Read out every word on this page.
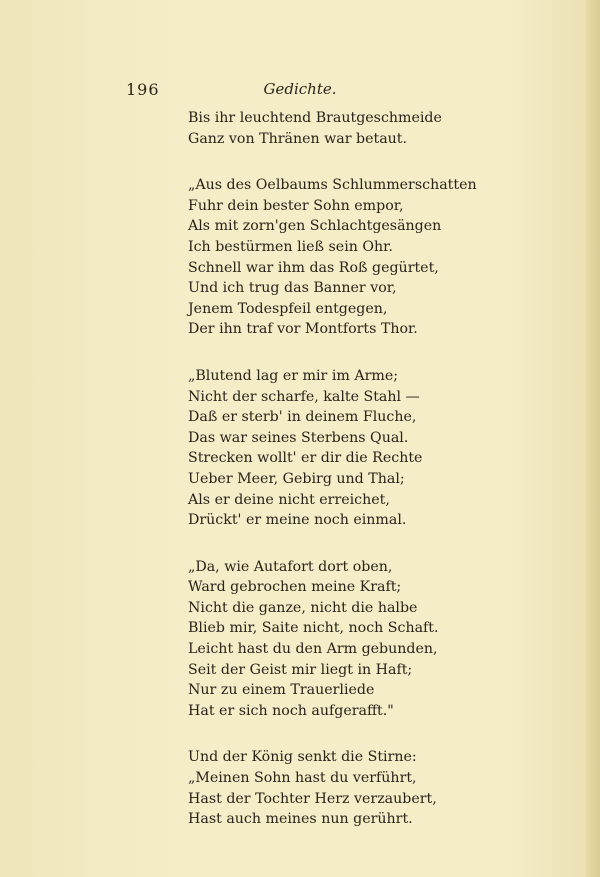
196	Gedichte.
Bis ihr leuchtend Brautgeschmeide
Ganz von Thränen war betaut.
„Aus des Oelbaums Schlummerschatten
Fuhr dein bester Sohn empor,
Als mit zorn'gen Schlachtgesängen
Ich bestürmen ließ sein Ohr.
Schnell war ihm das Roß gegürtet,
Und ich trug das Banner vor,
Jenem Todespfeil entgegen,
Der ihn traf vor Montforts Thor.
„Blutend lag er mir im Arme;
Nicht der scharfe, kalte Stahl —
Daß er sterb' in deinem Fluche,
Das war seines Sterbens Qual.
Strecken wollt' er dir die Rechte
Ueber Meer, Gebirg und Thal;
Als er deine nicht erreichet,
Drückt' er meine noch einmal.
„Da, wie Autafort dort oben,
Ward gebrochen meine Kraft;
Nicht die ganze, nicht die halbe
Blieb mir, Saite nicht, noch Schaft.
Leicht hast du den Arm gebunden,
Seit der Geist mir liegt in Haft;
Nur zu einem Trauerliede
Hat er sich noch aufgerafft."
Und der König senkt die Stirne:
„Meinen Sohn hast du verführt,
Hast der Tochter Herz verzaubert,
Hast auch meines nun gerührt.
